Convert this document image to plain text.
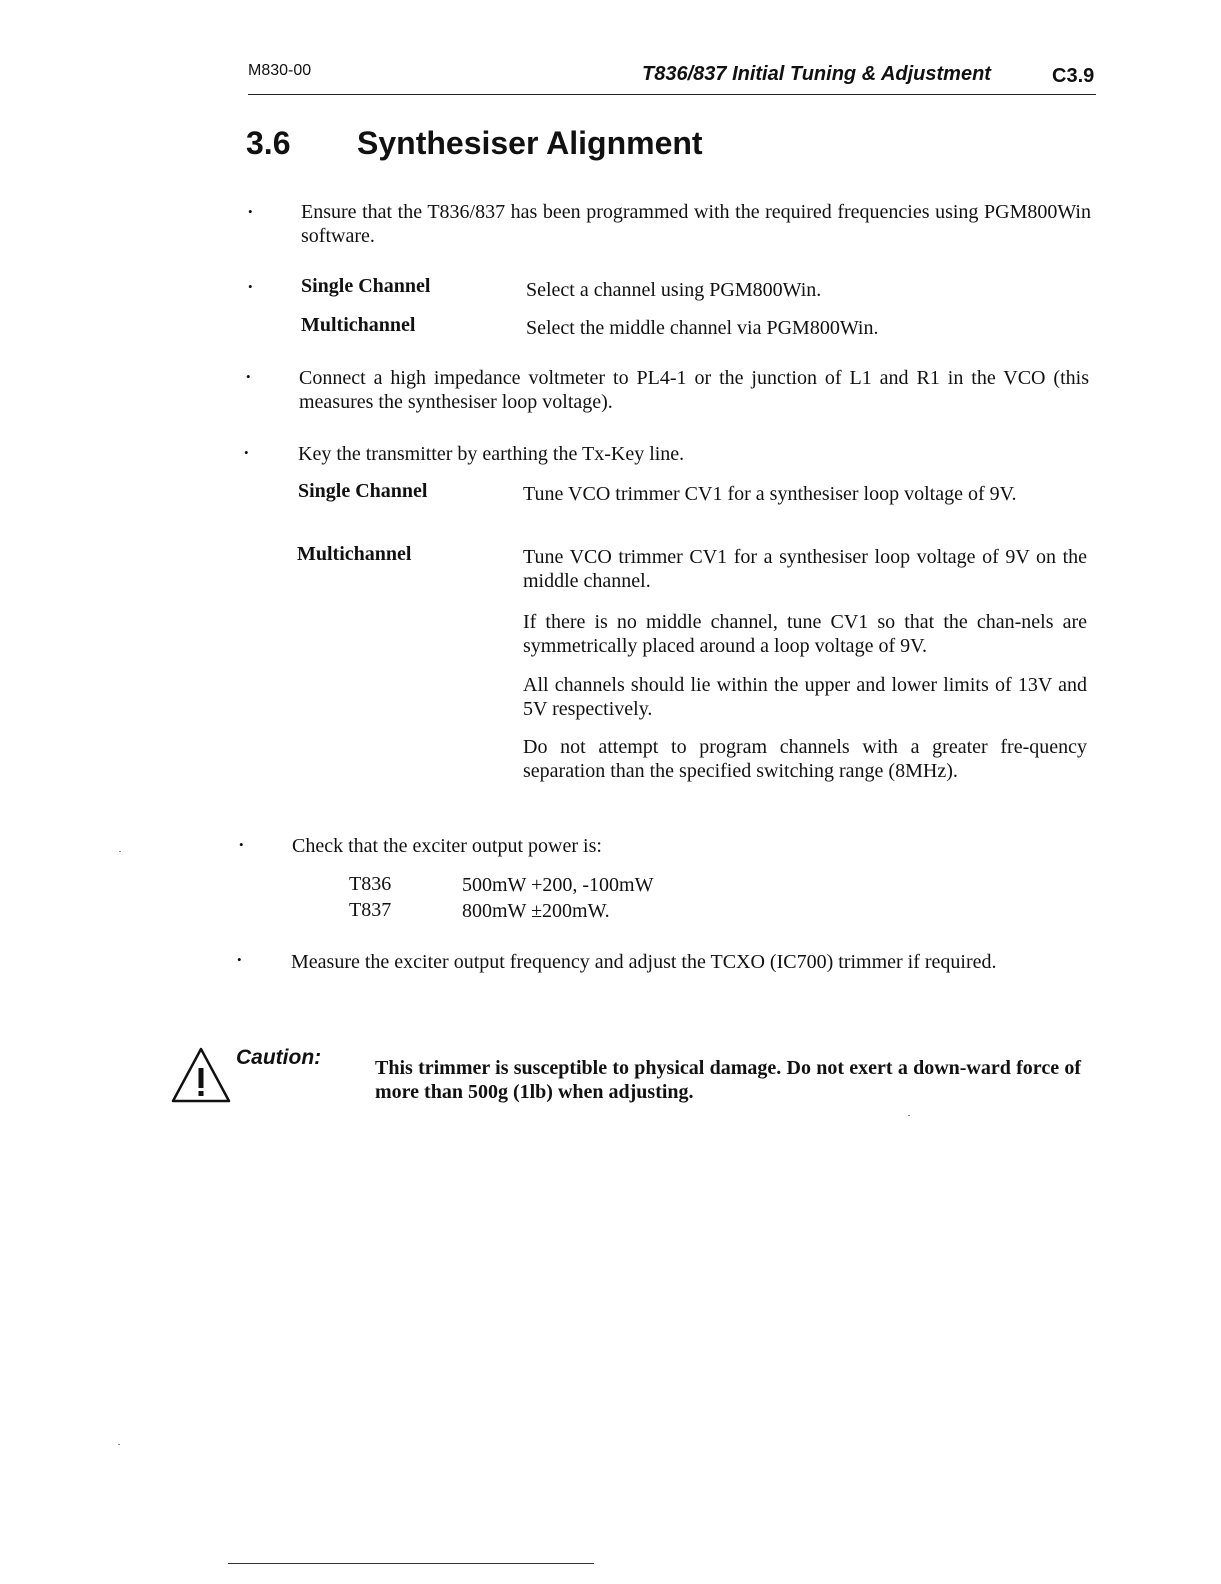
M830-00	T836/837 Initial Tuning & Adjustment	C3.9
3.6 Synthesiser Alignment
• Ensure that the T836/837 has been programmed with the required frequencies using PGM800Win software.

• Single Channel	Select a channel using PGM800Win.

Multichannel	Select the middle channel via PGM800Win.

• Connect a high impedance voltmeter to PL4-1 or the junction of L1 and R1 in the VCO (this measures the synthesiser loop voltage).

• Key the transmitter by earthing the Tx-Key line.

Single Channel	Tune VCO trimmer CV1 for a synthesiser loop voltage of 9V.

Multichannel	Tune VCO trimmer CV1 for a synthesiser loop voltage of 9V on the middle channel.

If there is no middle channel, tune CV1 so that the chan-nels are symmetrically placed around a loop voltage of 9V.

All channels should lie within the upper and lower limits of 13V and 5V respectively.

Do not attempt to program channels with a greater fre-quency separation than the specified switching range (8MHz).

• Check that the exciter output power is:

T836	500mW +200, -100mW
T837	800mW ±200mW.
• Measure the exciter output frequency and adjust the TCXO (IC700) trimmer if required.

Caution:	This trimmer is susceptible to physical damage. Do not exert a down-ward force of more than 500g (1lb) when adjusting.
